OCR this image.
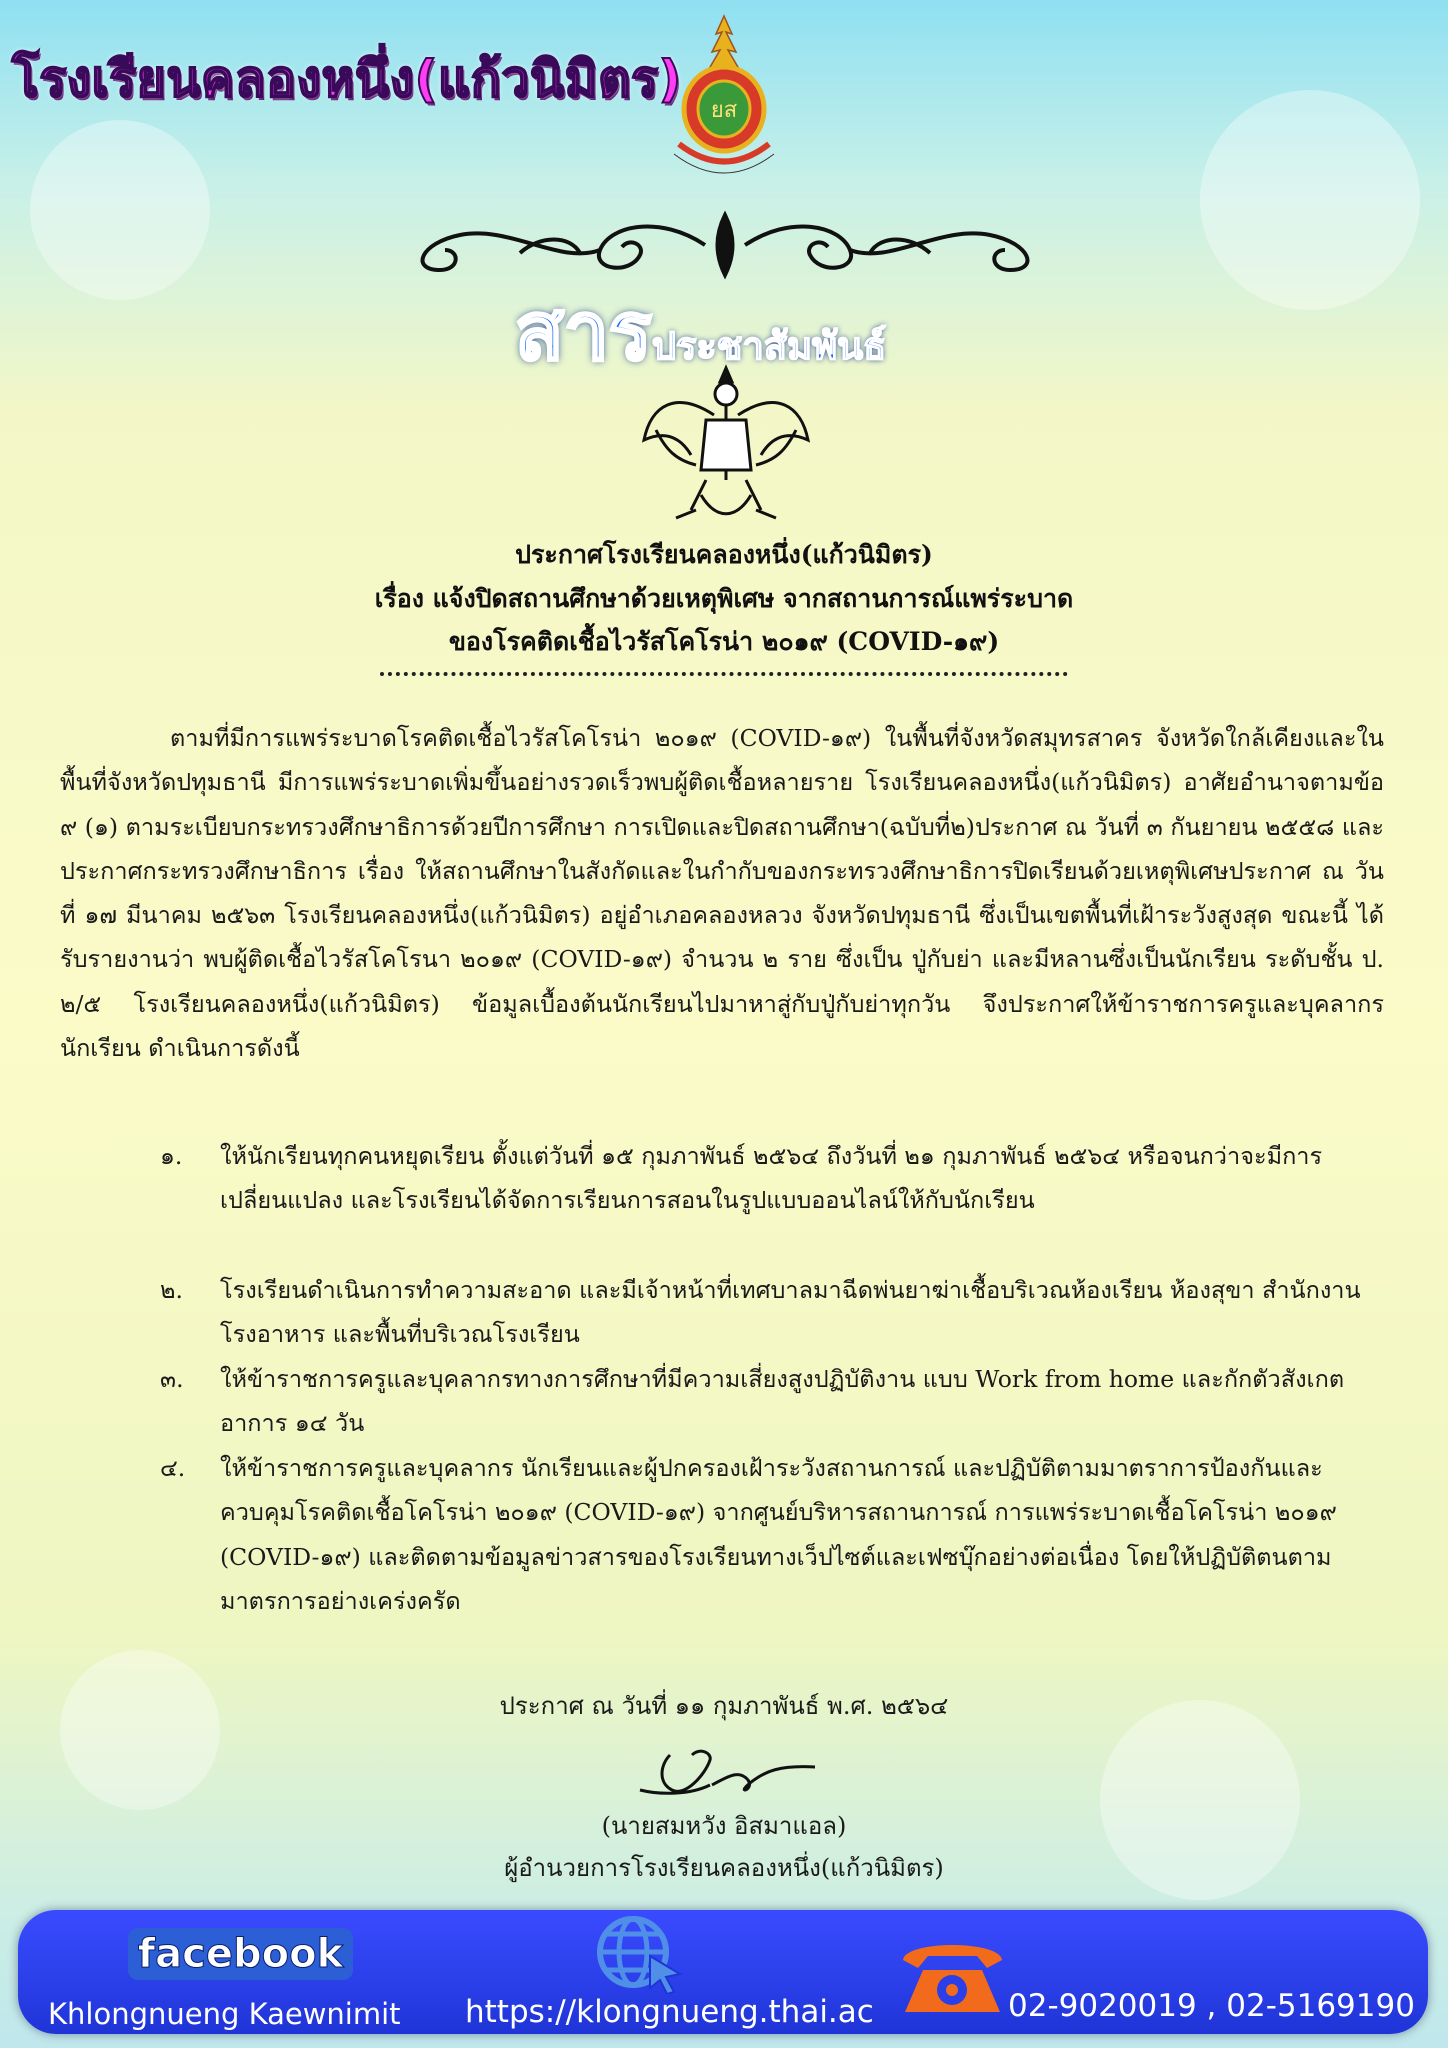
โรงเรียนคลองหนึ่ง(แก้วนิมิตร)
ยส
สารประชาสัมพันธ์
ประกาศโรงเรียนคลองหนึ่ง(แก้วนิมิตร)
เรื่อง แจ้งปิดสถานศึกษาด้วยเหตุพิเศษ จากสถานการณ์แพร่ระบาด
ของโรคติดเชื้อไวรัสโคโรน่า ๒๐๑๙ (COVID-๑๙)
ตามที่มีการแพร่ระบาดโรคติดเชื้อไวรัสโคโรน่า ๒๐๑๙ (COVID-๑๙) ในพื้นที่จังหวัดสมุทรสาคร จังหวัดใกล้เคียงและในพื้นที่จังหวัดปทุมธานี มีการแพร่ระบาดเพิ่มขึ้นอย่างรวดเร็วพบผู้ติดเชื้อหลายราย โรงเรียนคลองหนึ่ง(แก้วนิมิตร) อาศัยอำนาจตามข้อ ๙ (๑) ตามระเบียบกระทรวงศึกษาธิการด้วยปีการศึกษา การเปิดและปิดสถานศึกษา(ฉบับที่๒)ประกาศ ณ วันที่ ๓ กันยายน ๒๕๕๘ และประกาศกระทรวงศึกษาธิการ เรื่อง ให้สถานศึกษาในสังกัดและในกำกับของกระทรวงศึกษาธิการปิดเรียนด้วยเหตุพิเศษประกาศ ณ วันที่ ๑๗ มีนาคม ๒๕๖๓ โรงเรียนคลองหนึ่ง(แก้วนิมิตร) อยู่อำเภอคลองหลวง จังหวัดปทุมธานี ซึ่งเป็นเขตพื้นที่เฝ้าระวังสูงสุด ขณะนี้ ได้รับรายงานว่า พบผู้ติดเชื้อไวรัสโคโรนา ๒๐๑๙ (COVID-๑๙) จำนวน ๒ ราย ซึ่งเป็น ปู่กับย่า และมีหลานซึ่งเป็นนักเรียน ระดับชั้น ป. ๒/๕ โรงเรียนคลองหนึ่ง(แก้วนิมิตร) ข้อมูลเบื้องต้นนักเรียนไปมาหาสู่กับปู่กับย่าทุกวัน จึงประกาศให้ข้าราชการครูและบุคลากร นักเรียน ดำเนินการดังนี้
๑.	ให้นักเรียนทุกคนหยุดเรียน ตั้งแต่วันที่ ๑๕ กุมภาพันธ์ ๒๕๖๔ ถึงวันที่ ๒๑ กุมภาพันธ์ ๒๕๖๔ หรือจนกว่าจะมีการเปลี่ยนแปลง และโรงเรียนได้จัดการเรียนการสอนในรูปแบบออนไลน์ให้กับนักเรียน
๒.	โรงเรียนดำเนินการทำความสะอาด และมีเจ้าหน้าที่เทศบาลมาฉีดพ่นยาฆ่าเชื้อบริเวณห้องเรียน ห้องสุขา สำนักงาน โรงอาหาร และพื้นที่บริเวณโรงเรียน
๓.	ให้ข้าราชการครูและบุคลากรทางการศึกษาที่มีความเสี่ยงสูงปฏิบัติงาน แบบ Work from home และกักตัวสังเกตอาการ ๑๔ วัน
๔.	ให้ข้าราชการครูและบุคลากร นักเรียนและผู้ปกครองเฝ้าระวังสถานการณ์ และปฏิบัติตามมาตราการป้องกันและควบคุมโรคติดเชื้อโคโรน่า ๒๐๑๙ (COVID-๑๙) จากศูนย์บริหารสถานการณ์ การแพร่ระบาดเชื้อโคโรน่า ๒๐๑๙ (COVID-๑๙) และติดตามข้อมูลข่าวสารของโรงเรียนทางเว็ปไซต์และเฟซบุ๊กอย่างต่อเนื่อง โดยให้ปฏิบัติตนตามมาตรการอย่างเคร่งครัด
ประกาศ ณ วันที่ ๑๑ กุมภาพันธ์ พ.ศ. ๒๕๖๔
(นายสมหวัง อิสมาแอล)
ผู้อำนวยการโรงเรียนคลองหนึ่ง(แก้วนิมิตร)
facebook
Khlongnueng Kaewnimit https://klongnueng.thai.ac	02-9020019 , 02-5169190
